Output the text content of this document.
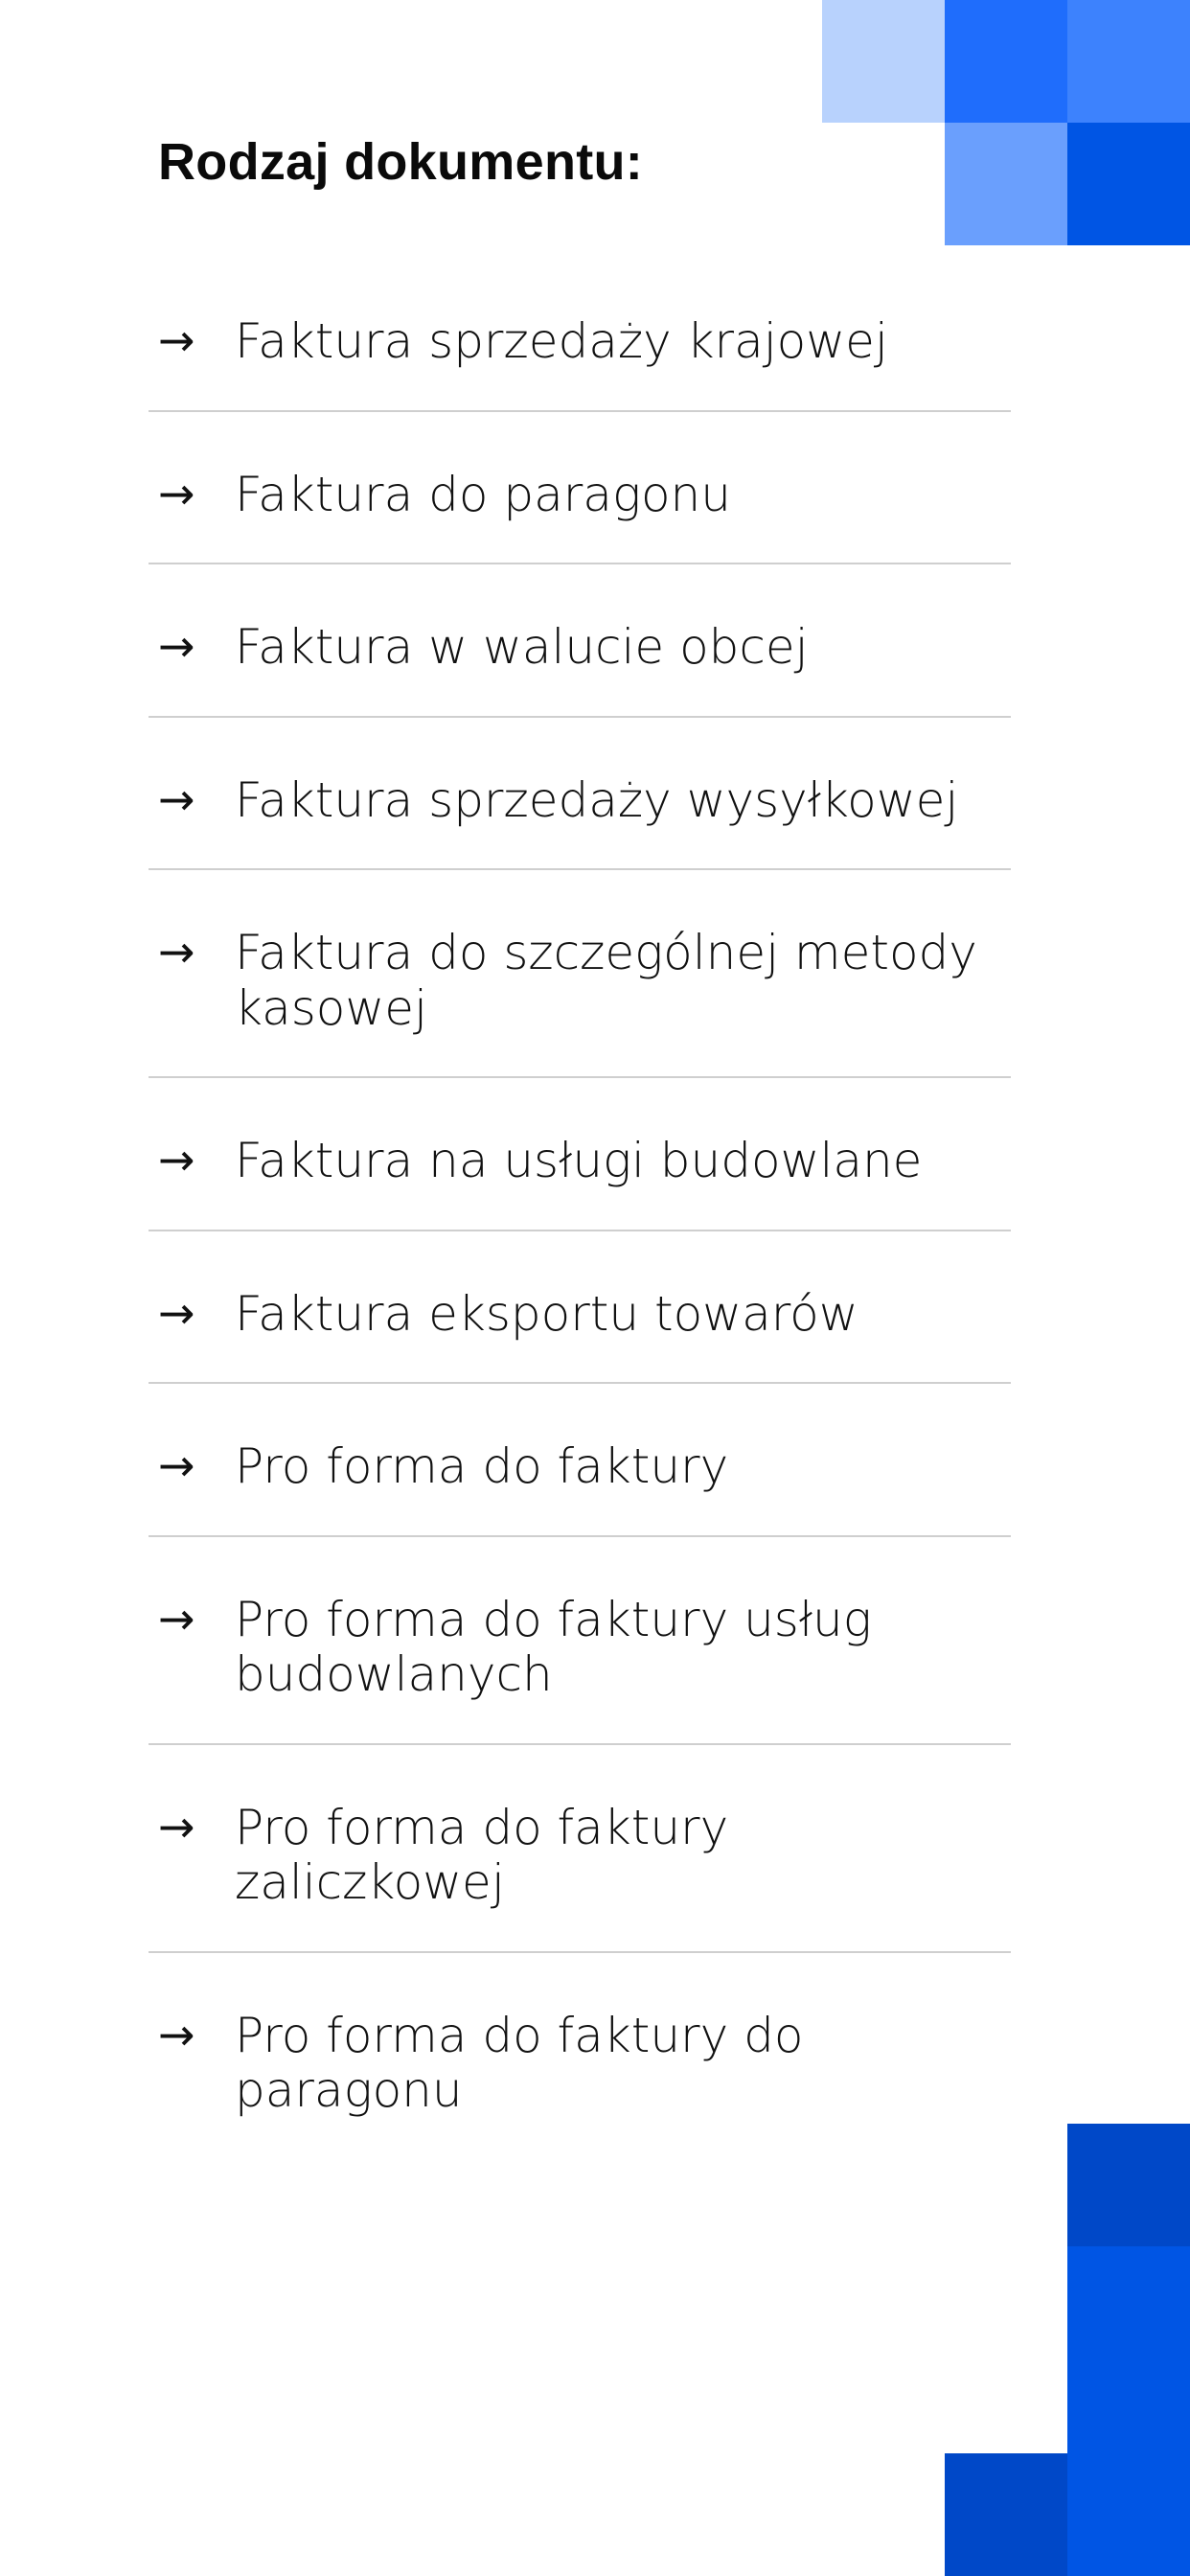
Rodzaj dokumentu:
→ Faktura sprzedaży krajowej
→ Faktura do paragonu
→ Faktura w walucie obcej
→ Faktura sprzedaży wysyłkowej
→ Faktura do szczególnej metody kasowej
→ Faktura na usługi budowlane
→ Faktura eksportu towarów
→ Pro forma do faktury
→ Pro forma do faktury usług budowlanych
→ Pro forma do faktury zaliczkowej
→ Pro forma do faktury do paragonu
